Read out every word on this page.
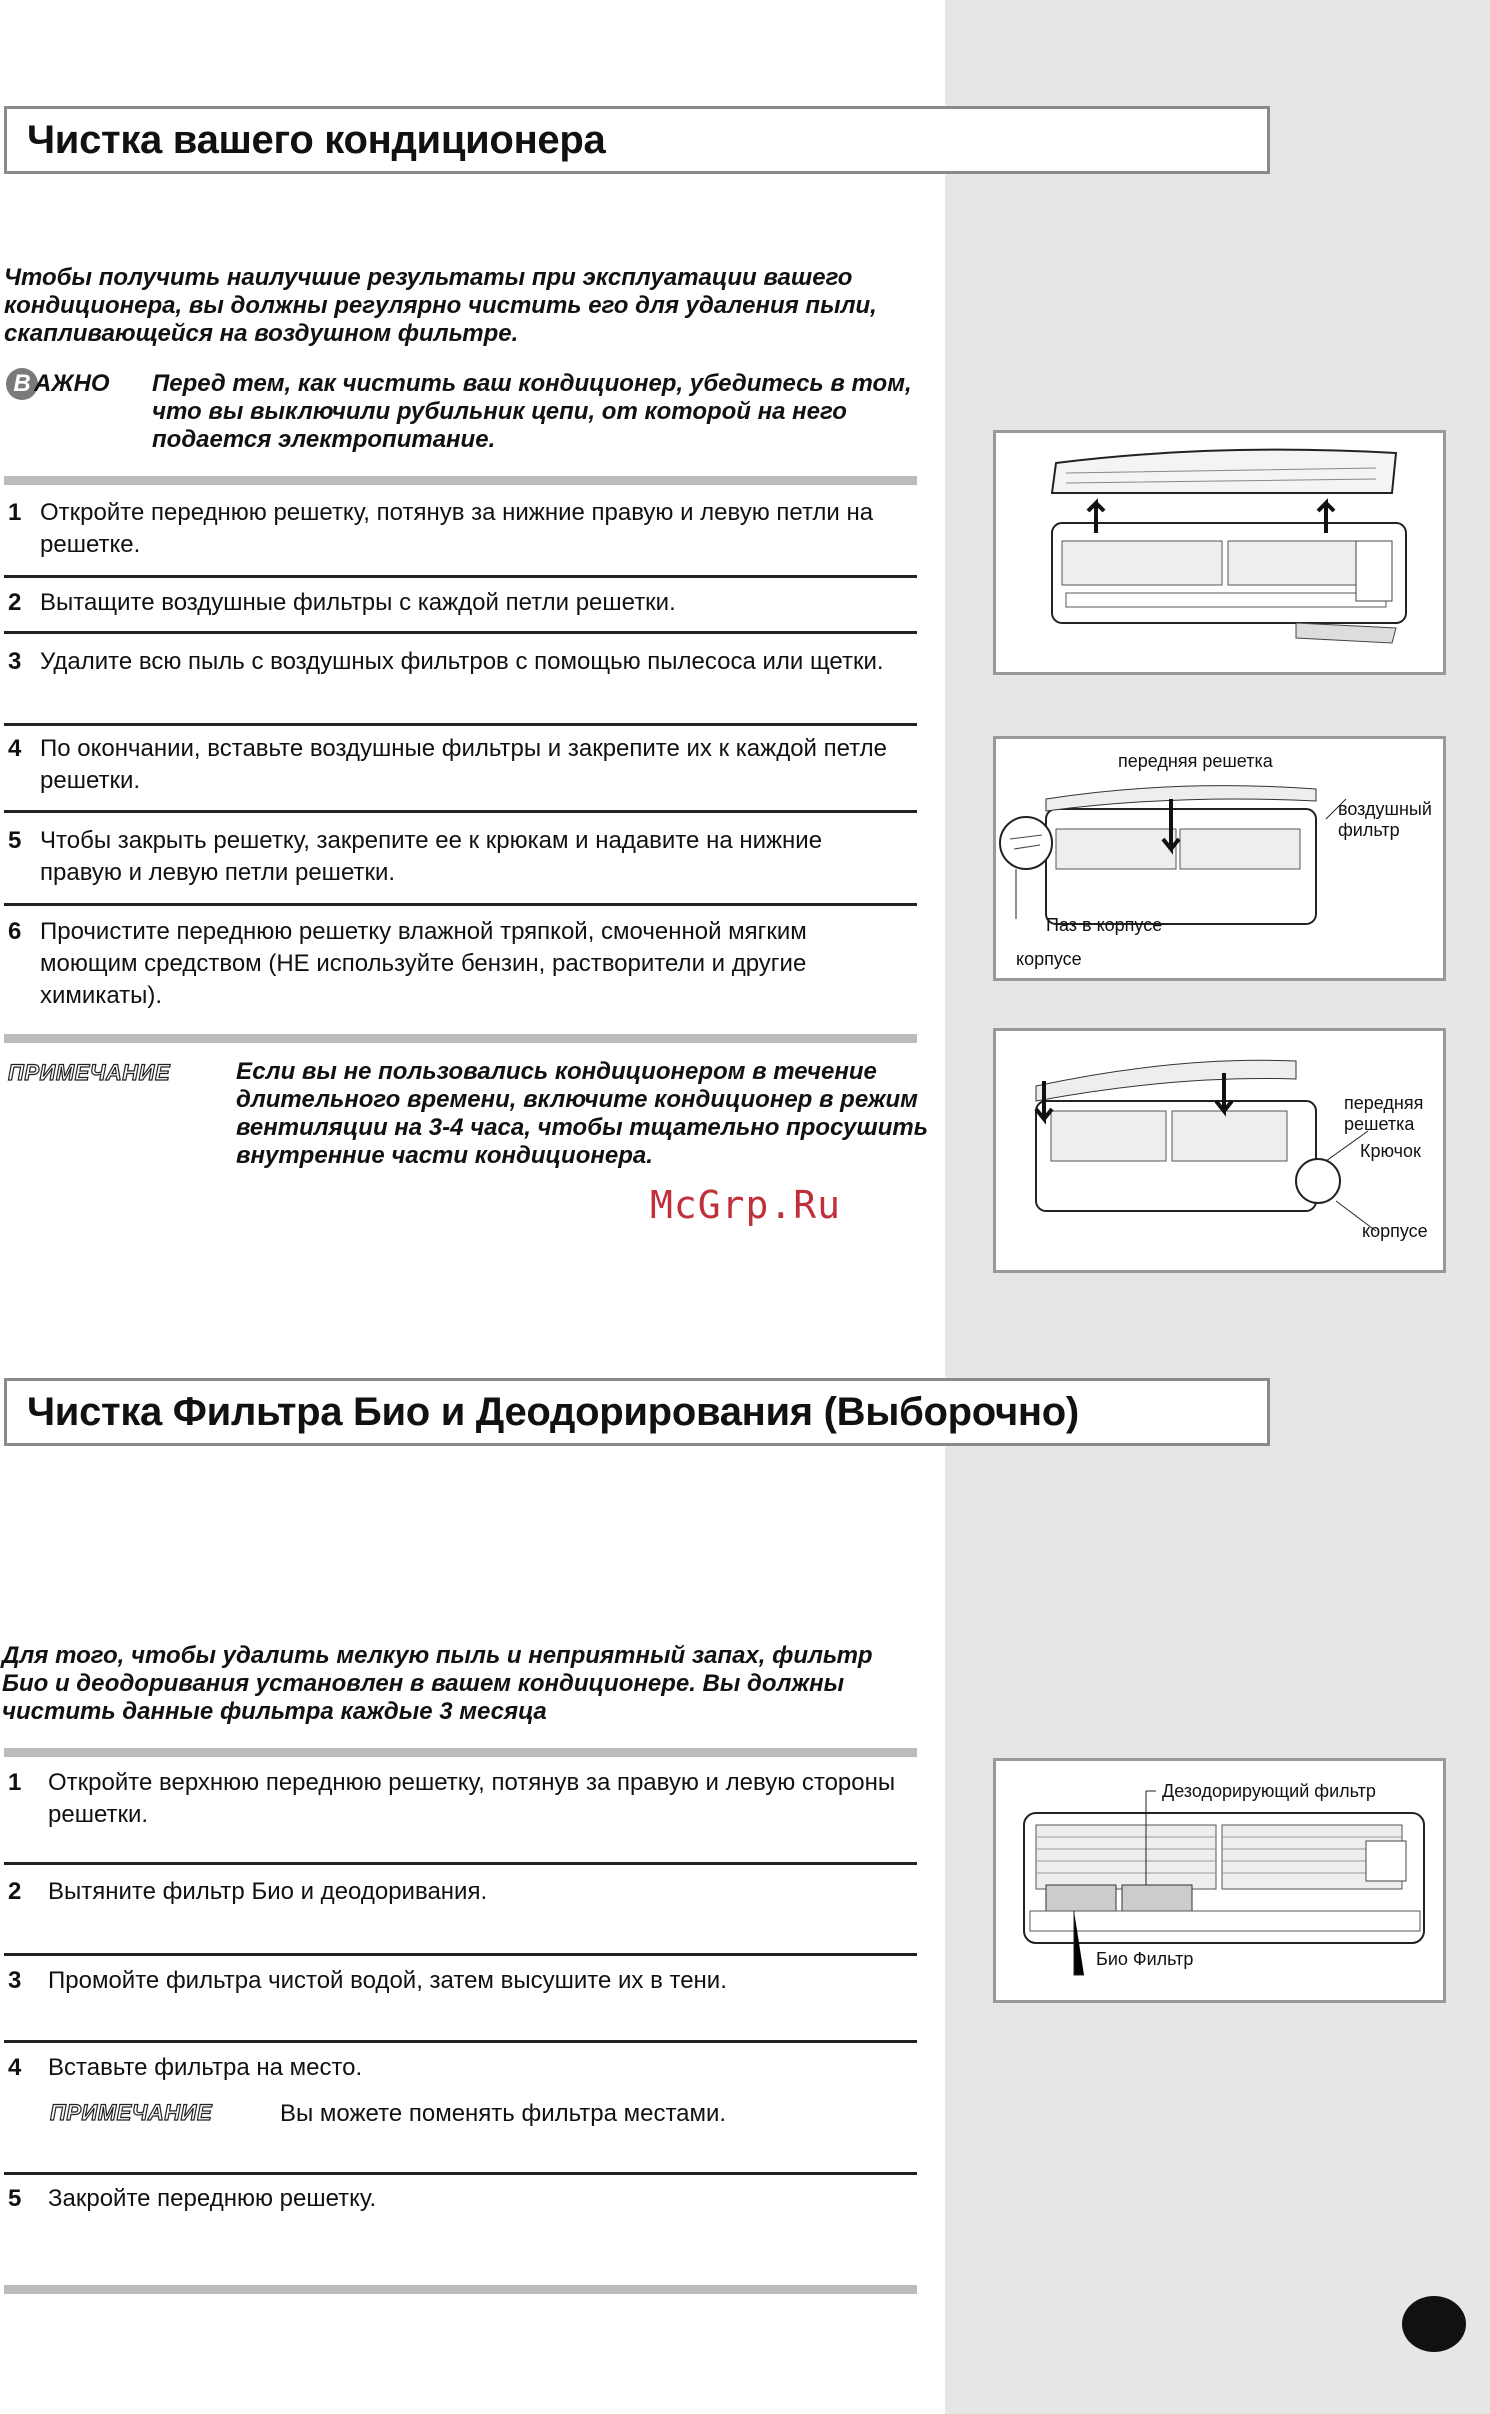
Чистка вашего кондиционера
Чтобы получить наилучшие результаты при эксплуатации вашего кондиционера, вы должны регулярно чистить его для удаления пыли, скапливающейся на воздушном фильтре.
В АЖНО Перед тем, как чистить ваш кондиционер, убедитесь в том, что вы выключили рубильник цепи, от которой на него подается электропитание.
1 Откройте переднюю решетку, потянув за нижние правую и левую петли на решетке.
2 Вытащите воздушные фильтры с каждой петли решетки.
3 Удалите всю пыль с воздушных фильтров с помощью пылесоса или щетки.
4 По окончании, вставьте воздушные фильтры и закрепите их к каждой петле решетки.
5 Чтобы закрыть решетку, закрепите ее к крюкам и надавите на нижние правую и левую петли решетки.
6 Прочистите переднюю решетку влажной тряпкой, смоченной мягким моющим средством (НЕ используйте бензин, растворители и другие химикаты).
ПРИМЕЧАНИЕ	Если вы не пользовались кондиционером в течение длительного времени, включите кондиционер в режим вентиляции на 3-4 часа, чтобы тщательно просушить внутренние части кондиционера.
McGrp.Ru
передняя решетка
воздушный фильтр
Паз в корпусе
корпусе
передняя решетка
Крючок
корпусе
Чистка Фильтра Био и Деодорирования (Выборочно)
Для того, чтобы удалить мелкую пыль и неприятный запах, фильтр Био и деодоривания установлен в вашем кондиционере. Вы должны чистить данные фильтра каждые 3 месяца
1 Откройте верхнюю переднюю решетку, потянув за правую и левую стороны решетки.
2 Вытяните фильтр Био и деодоривания.
3 Промойте фильтра чистой водой, затем высушите их в тени.
4 Вставьте фильтра на место.
ПРИМЕЧАНИЕ	Вы можете поменять фильтра местами.
5 Закройте переднюю решетку.
Дезодорирующий фильтр
Био Фильтр
